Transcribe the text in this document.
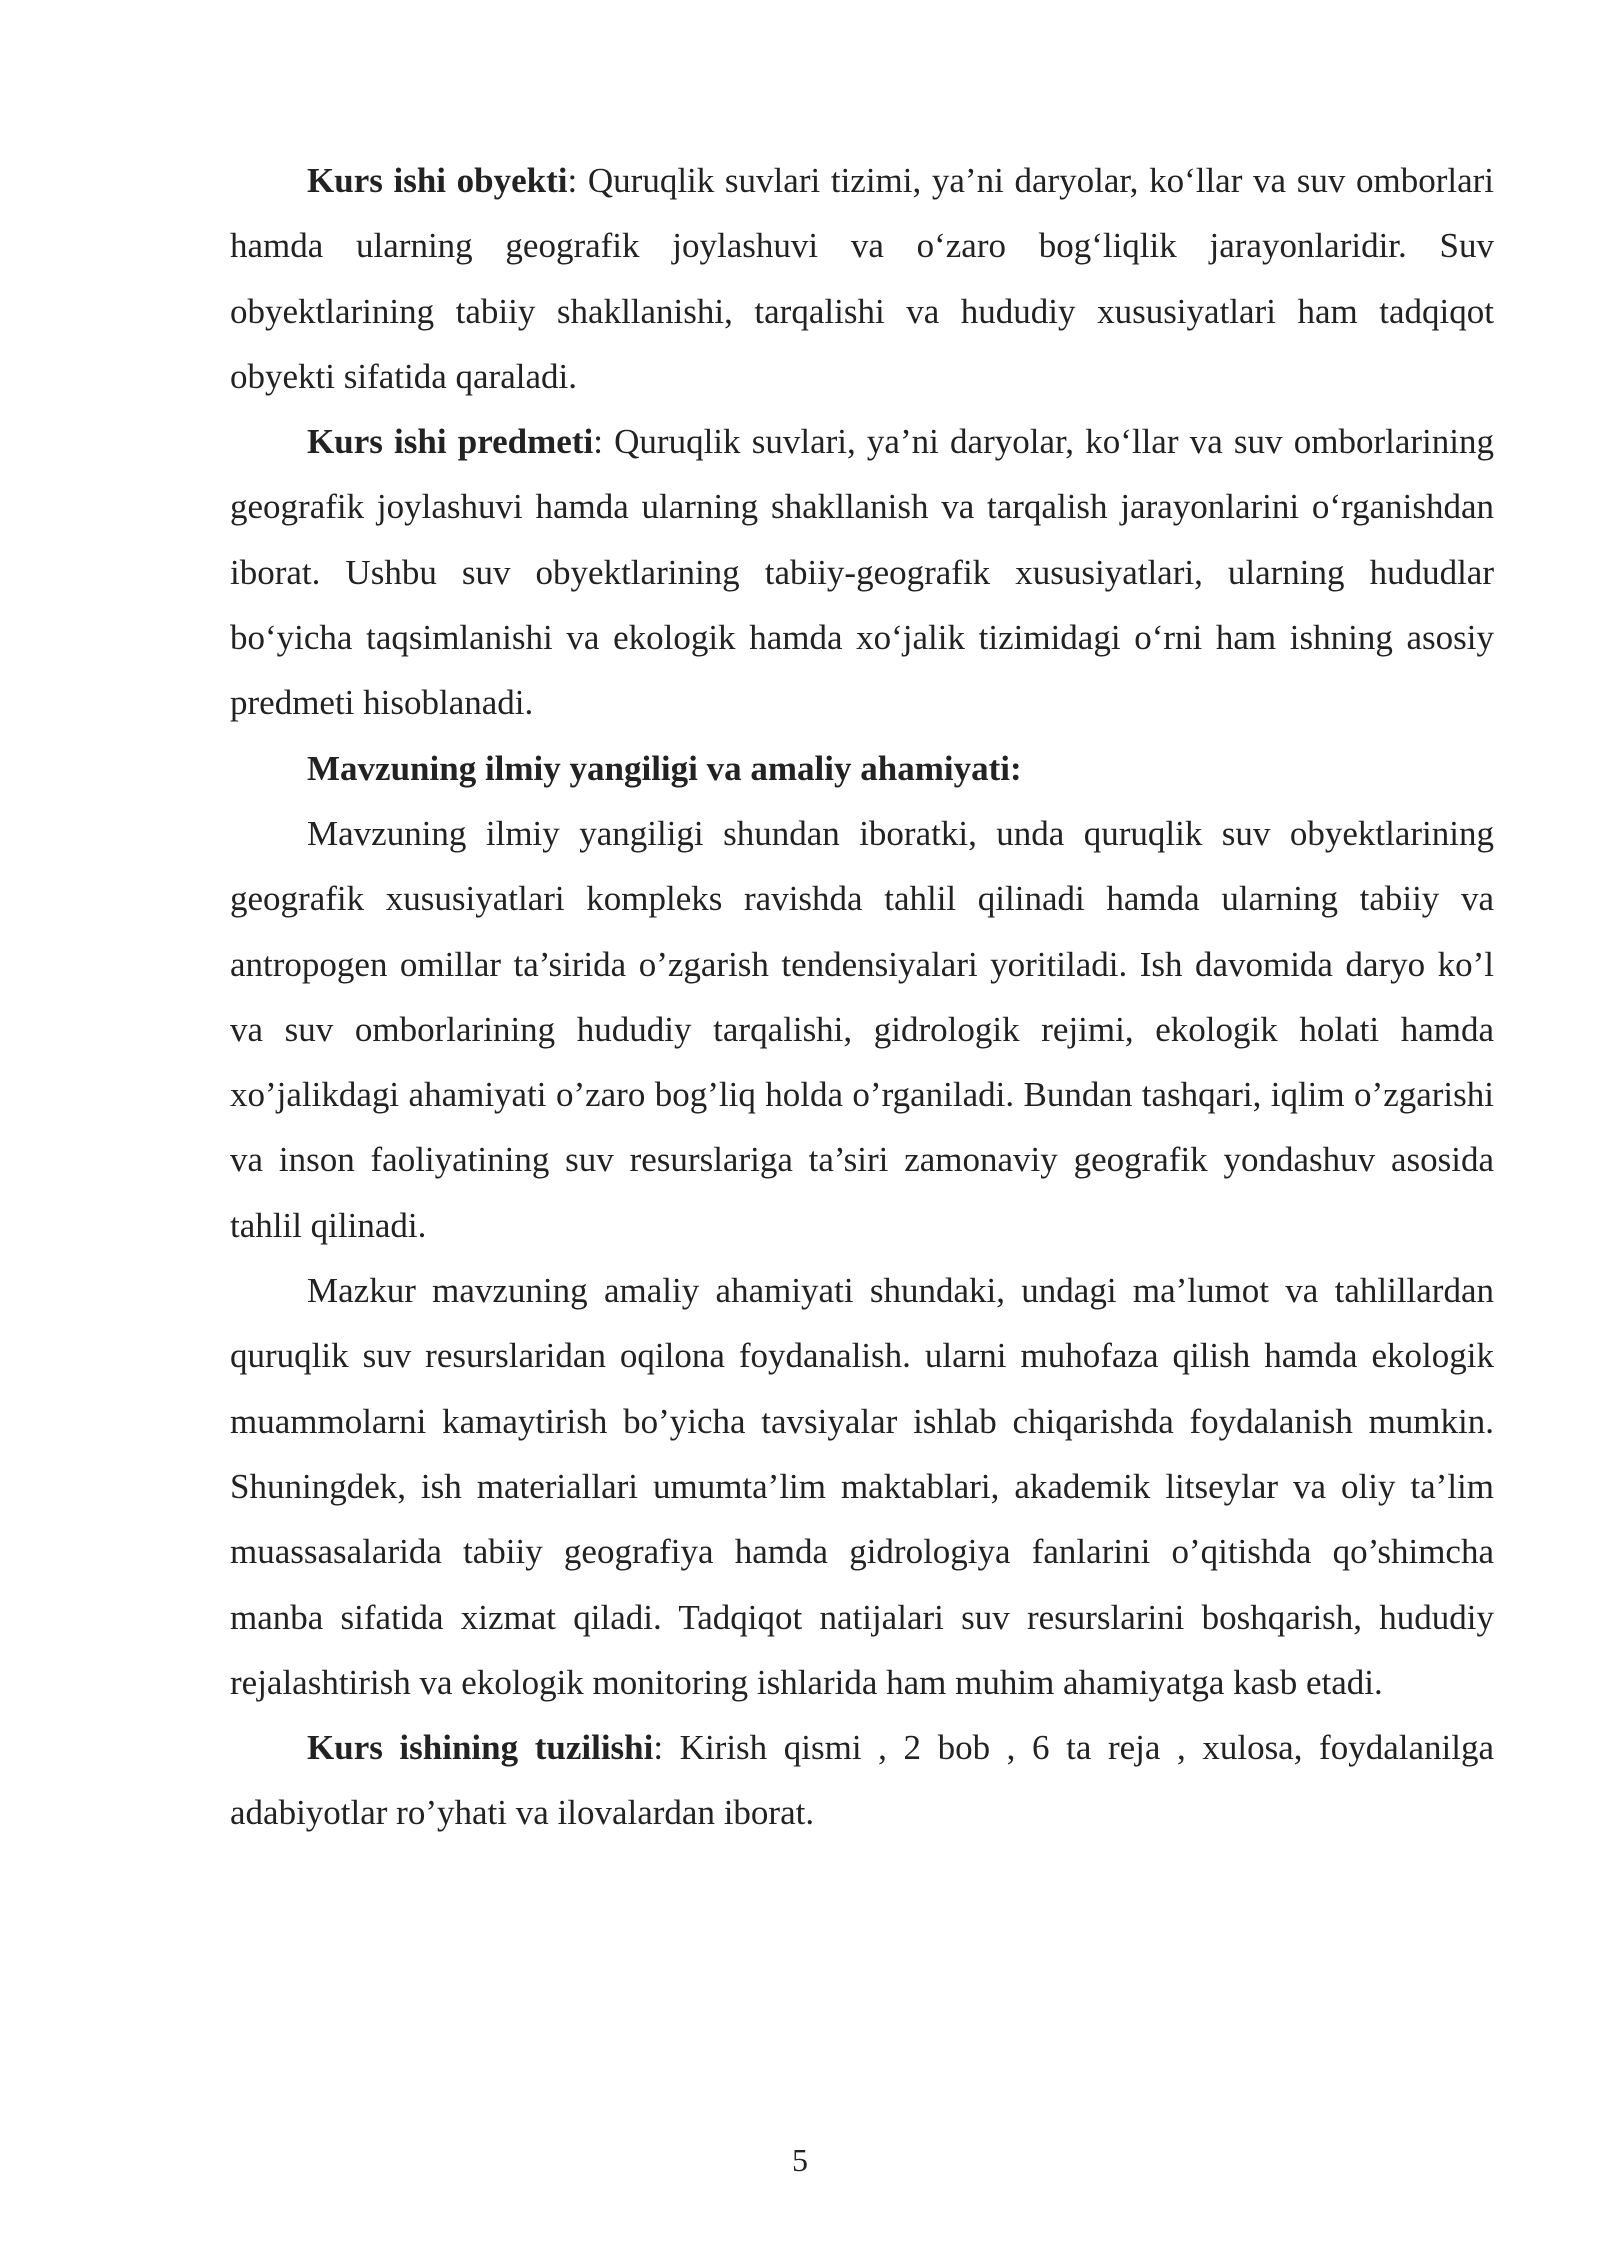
Kurs ishi obyekti: Quruqlik suvlari tizimi, ya’ni daryolar, ko‘llar va suv omborlari hamda ularning geografik joylashuvi va o‘zaro bog‘liqlik jarayonlaridir. Suv obyektlarining tabiiy shakllanishi, tarqalishi va hududiy xususiyatlari ham tadqiqot obyekti sifatida qaraladi.

Kurs ishi predmeti: Quruqlik suvlari, ya’ni daryolar, ko‘llar va suv omborlarining geografik joylashuvi hamda ularning shakllanish va tarqalish jarayonlarini o‘rganishdan iborat. Ushbu suv obyektlarining tabiiy-geografik xususiyatlari, ularning hududlar bo‘yicha taqsimlanishi va ekologik hamda xo‘jalik tizimidagi o‘rni ham ishning asosiy predmeti hisoblanadi.

Mavzuning ilmiy yangiligi va amaliy ahamiyati:

Mavzuning ilmiy yangiligi shundan iboratki, unda quruqlik suv obyektlarining geografik xususiyatlari kompleks ravishda tahlil qilinadi hamda ularning tabiiy va antropogen omillar ta’sirida o’zgarish tendensiyalari yoritiladi. Ish davomida daryo ko’l va suv omborlarining hududiy tarqalishi, gidrologik rejimi, ekologik holati hamda xo’jalikdagi ahamiyati o’zaro bog’liq holda o’rganiladi. Bundan tashqari, iqlim o’zgarishi va inson faoliyatining suv resurslariga ta’siri zamonaviy geografik yondashuv asosida tahlil qilinadi.

Mazkur mavzuning amaliy ahamiyati shundaki, undagi ma’lumot va tahlillardan quruqlik suv resurslaridan oqilona foydanalish. ularni muhofaza qilish hamda ekologik muammolarni kamaytirish bo’yicha tavsiyalar ishlab chiqarishda foydalanish mumkin. Shuningdek, ish materiallari umumta’lim maktablari, akademik litseylar va oliy ta’lim muassasalarida tabiiy geografiya hamda gidrologiya fanlarini o’qitishda qo’shimcha manba sifatida xizmat qiladi. Tadqiqot natijalari suv resurslarini boshqarish, hududiy rejalashtirish va ekologik monitoring ishlarida ham muhim ahamiyatga kasb etadi.

Kurs ishining tuzilishi: Kirish qismi , 2 bob , 6 ta reja , xulosa, foydalanilga adabiyotlar ro’yhati va ilovalardan iborat.

5
